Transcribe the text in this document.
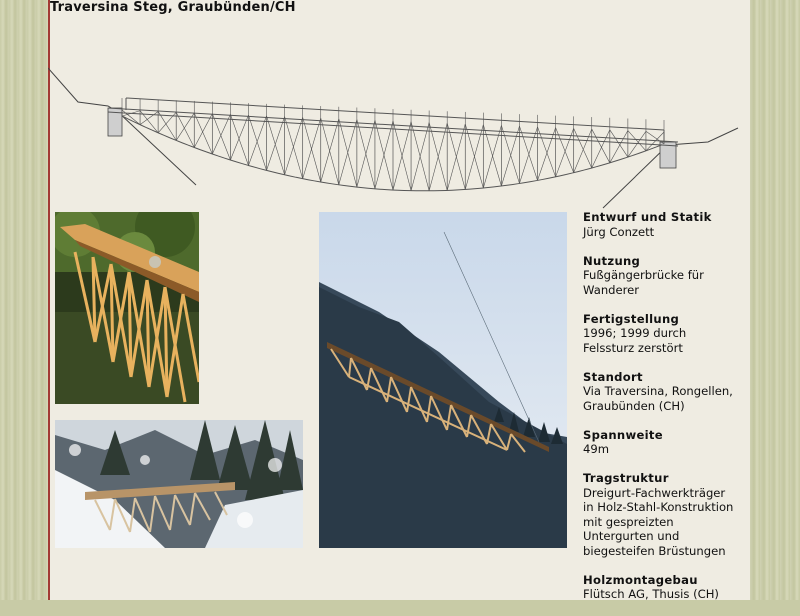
Traversina Steg, Graubünden/CH
Entwurf und Statik
Jürg Conzett
Nutzung
Fußgängerbrücke für
Wanderer
Fertigstellung
1996; 1999 durch
Felssturz zerstört
Standort
Via Traversina, Rongellen,
Graubünden (CH)
Spannweite
49m
Tragstruktur
Dreigurt-Fachwerkträger
in Holz-Stahl-Konstruktion
mit gespreizten
Untergurten und
biegesteifen Brüstungen
Holzmontagebau
Flütsch AG, Thusis (CH)
